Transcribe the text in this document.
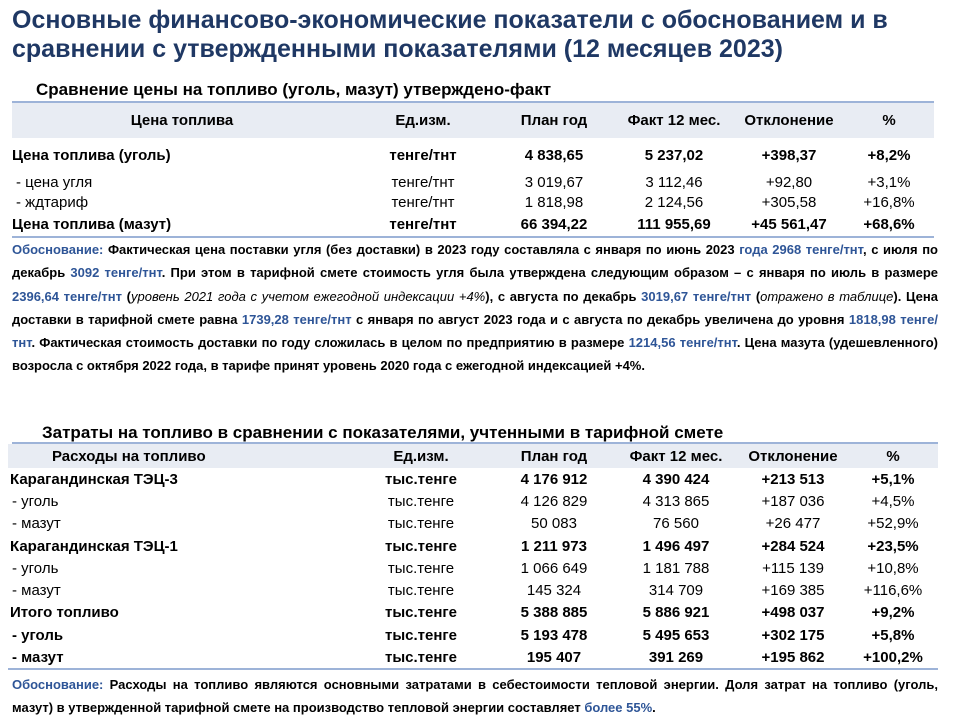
Основные финансово-экономические показатели с обоснованием и в сравнении с утвержденными показателями (12 месяцев 2023)
Сравнение цены на топливо (уголь, мазут) утверждено-факт
Цена топлива	Ед.изм.	План год	Факт 12 мес.	Отклонение	%
Цена топлива (уголь)	тенге/тнт	4 838,65	5 237,02	+398,37	+8,2%
- цена угля	тенге/тнт	3 019,67	3 112,46	+92,80	+3,1%
- ждтариф	тенге/тнт	1 818,98	2 124,56	+305,58	+16,8%
Цена топлива (мазут)	тенге/тнт	66 394,22	111 955,69	+45 561,47	+68,6%
Обоснование: Фактическая цена поставки угля (без доставки) в 2023 году составляла с января по июнь 2023 года 2968 тенге/тнт, с июля по декабрь 3092 тенге/тнт. При этом в тарифной смете стоимость угля была утверждена следующим образом – с января по июль в размере 2396,64 тенге/тнт (уровень 2021 года с учетом ежегодной индексации +4%), с августа по декабрь 3019,67 тенге/тнт (отражено в таблице). Цена доставки в тарифной смете равна 1739,28 тенге/тнт с января по август 2023 года и с августа по декабрь увеличена до уровня 1818,98 тенге/тнт. Фактическая стоимость доставки по году сложилась в целом по предприятию в размере 1214,56 тенге/тнт. Цена мазута (удешевленного) возросла с октября 2022 года, в тарифе принят уровень 2020 года с ежегодной индексацией +4%.
Затраты на топливо в сравнении с показателями, учтенными в тарифной смете
Расходы на топливо	Ед.изм.	План год	Факт 12 мес.	Отклонение	%
Карагандинская ТЭЦ-3	тыс.тенге	4 176 912	4 390 424	+213 513	+5,1%
- уголь	тыс.тенге	4 126 829	4 313 865	+187 036	+4,5%
- мазут	тыс.тенге	50 083	76 560	+26 477	+52,9%
Карагандинская ТЭЦ-1	тыс.тенге	1 211 973	1 496 497	+284 524	+23,5%
- уголь	тыс.тенге	1 066 649	1 181 788	+115 139	+10,8%
- мазут	тыс.тенге	145 324	314 709	+169 385	+116,6%
Итого топливо	тыс.тенге	5 388 885	5 886 921	+498 037	+9,2%
- уголь	тыс.тенге	5 193 478	5 495 653	+302 175	+5,8%
- мазут	тыс.тенге	195 407	391 269	+195 862	+100,2%
Обоснование: Расходы на топливо являются основными затратами в себестоимости тепловой энергии. Доля затрат на топливо (уголь, мазут) в утвержденной тарифной смете на производство тепловой энергии составляет более 55%.
